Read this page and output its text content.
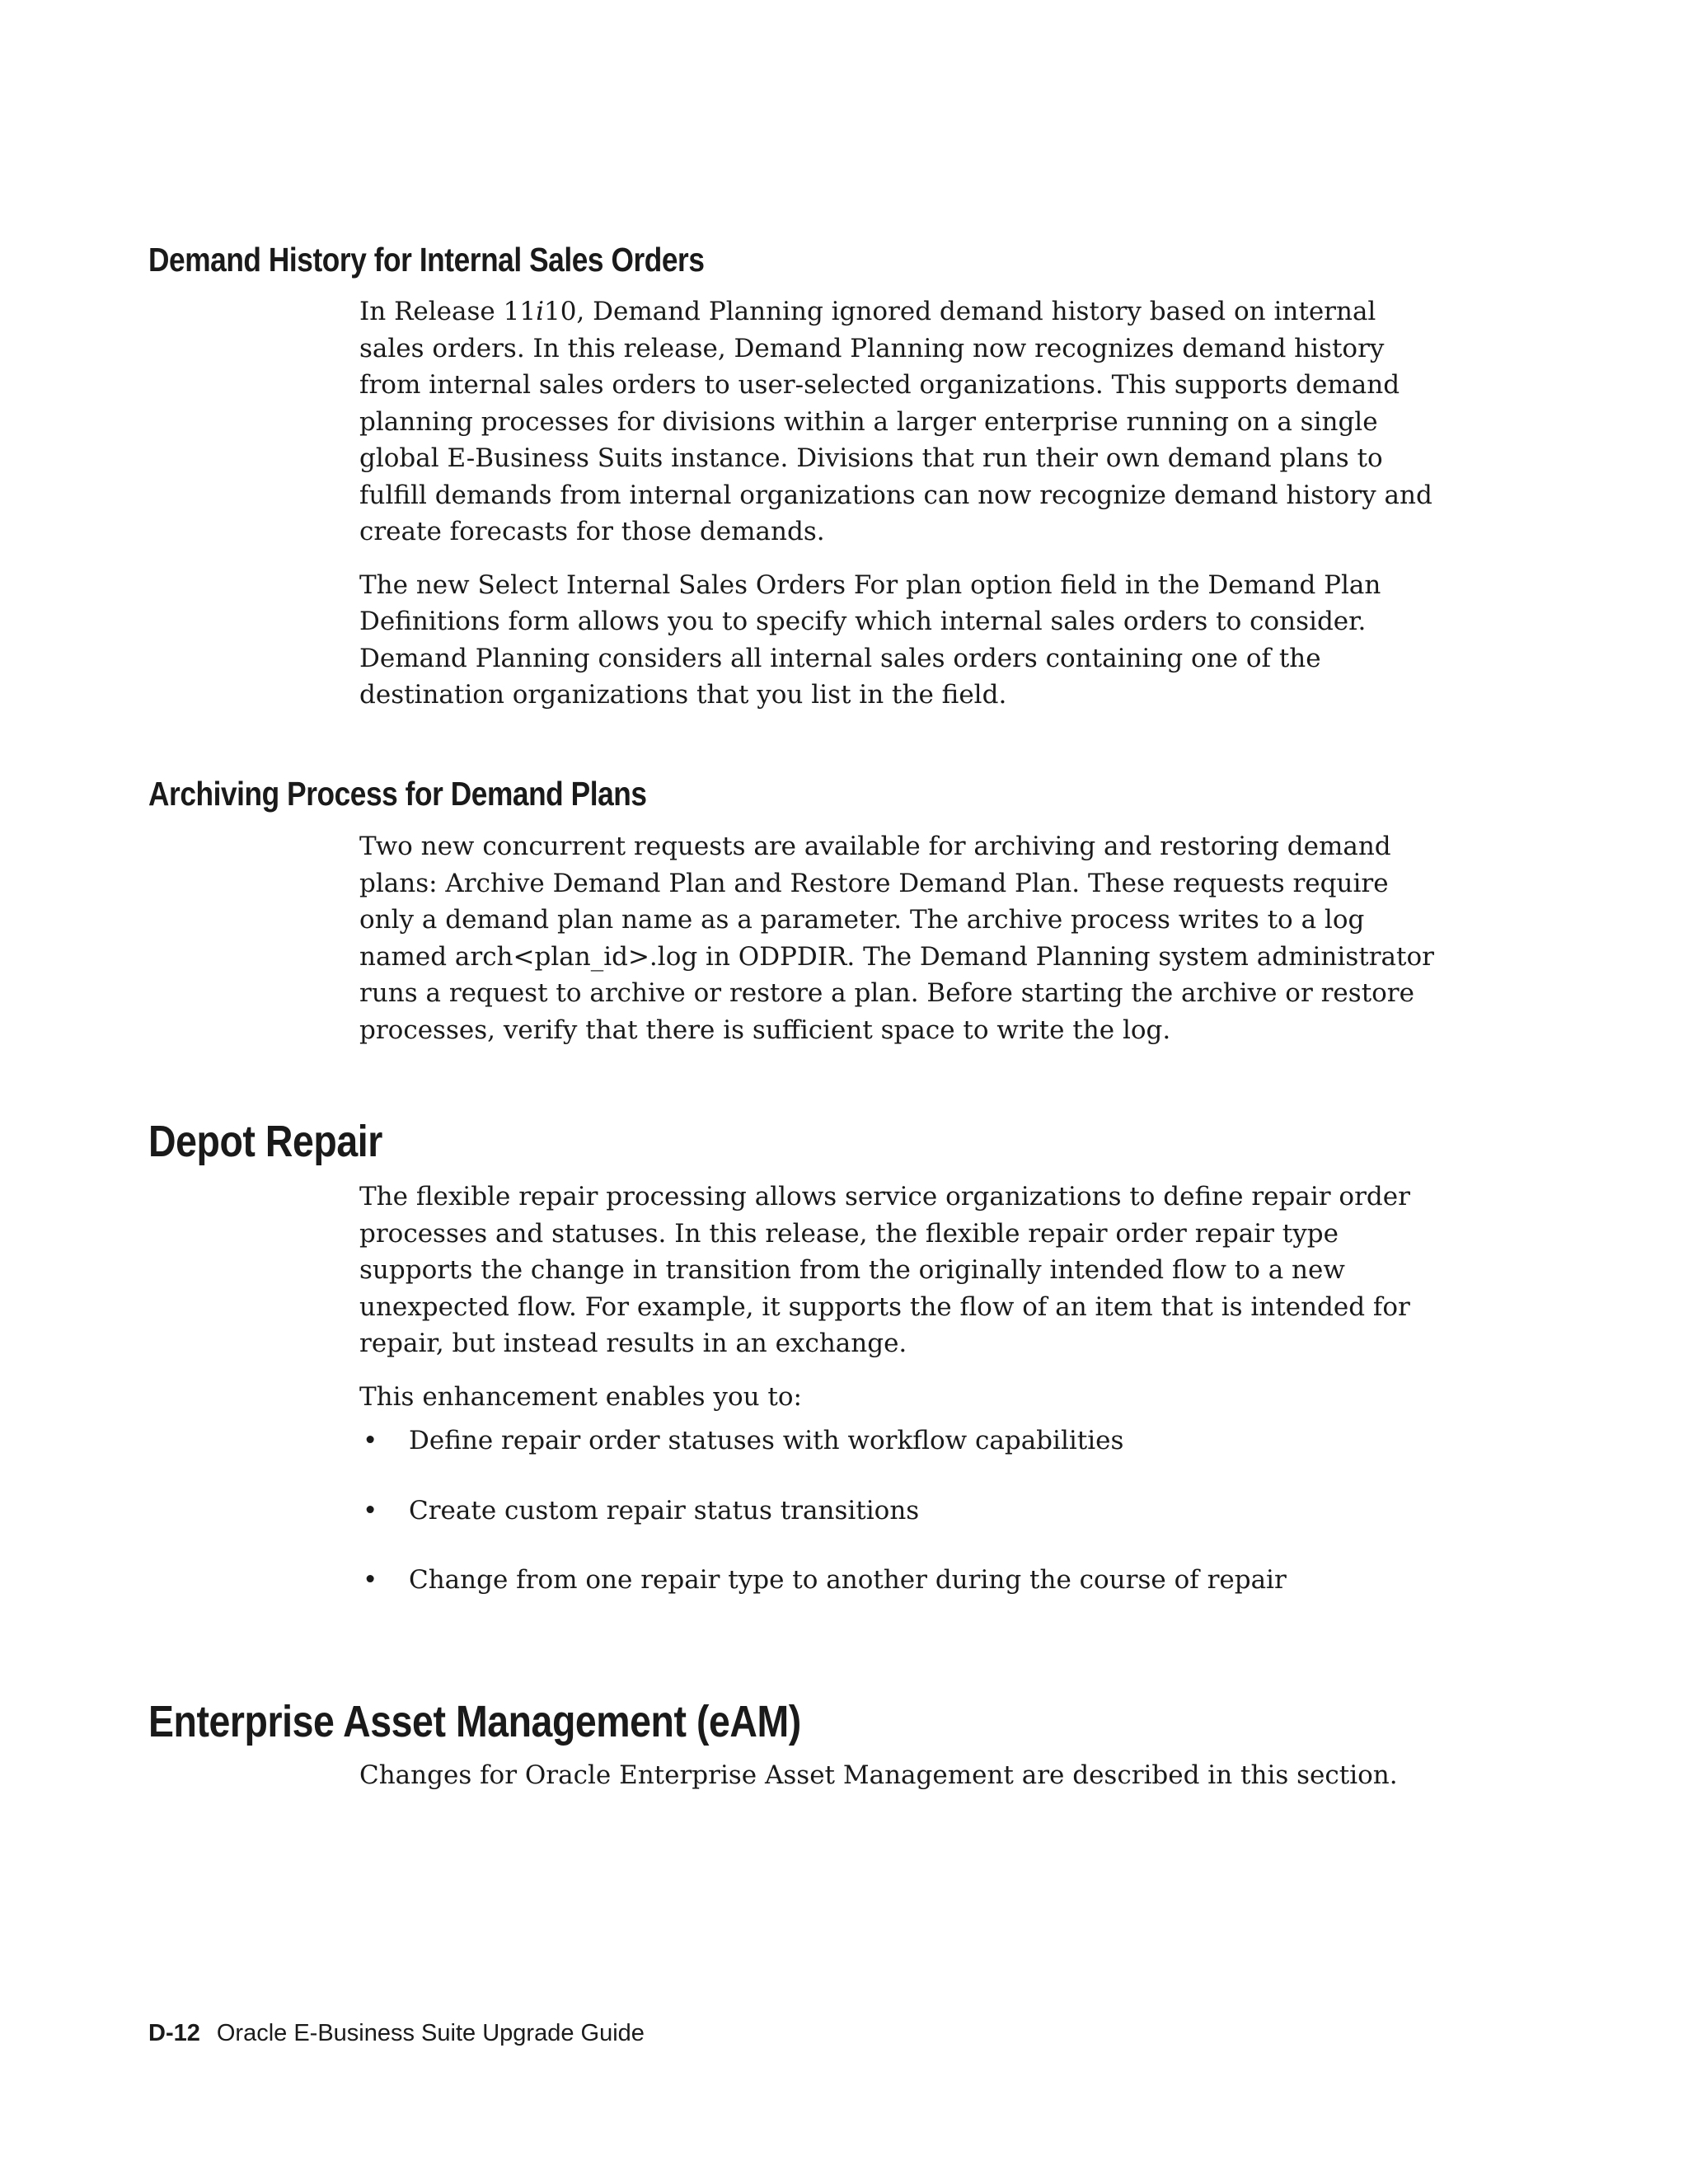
Demand History for Internal Sales Orders

In Release 11i10, Demand Planning ignored demand history based on internal sales orders. In this release, Demand Planning now recognizes demand history from internal sales orders to user-selected organizations. This supports demand planning processes for divisions within a larger enterprise running on a single global E-Business Suits instance. Divisions that run their own demand plans to fulfill demands from internal organizations can now recognize demand history and create forecasts for those demands.

The new Select Internal Sales Orders For plan option field in the Demand Plan Definitions form allows you to specify which internal sales orders to consider. Demand Planning considers all internal sales orders containing one of the destination organizations that you list in the field.

Archiving Process for Demand Plans

Two new concurrent requests are available for archiving and restoring demand plans: Archive Demand Plan and Restore Demand Plan. These requests require only a demand plan name as a parameter. The archive process writes to a log named arch<plan_id>.log in ODPDIR. The Demand Planning system administrator runs a request to archive or restore a plan. Before starting the archive or restore processes, verify that there is sufficient space to write the log.

Depot Repair

The flexible repair processing allows service organizations to define repair order processes and statuses. In this release, the flexible repair order repair type supports the change in transition from the originally intended flow to a new unexpected flow. For example, it supports the flow of an item that is intended for repair, but instead results in an exchange.

This enhancement enables you to:

• Define repair order statuses with workflow capabilities
• Create custom repair status transitions
• Change from one repair type to another during the course of repair
Enterprise Asset Management (eAM)

Changes for Oracle Enterprise Asset Management are described in this section.

D-12 Oracle E-Business Suite Upgrade Guide
